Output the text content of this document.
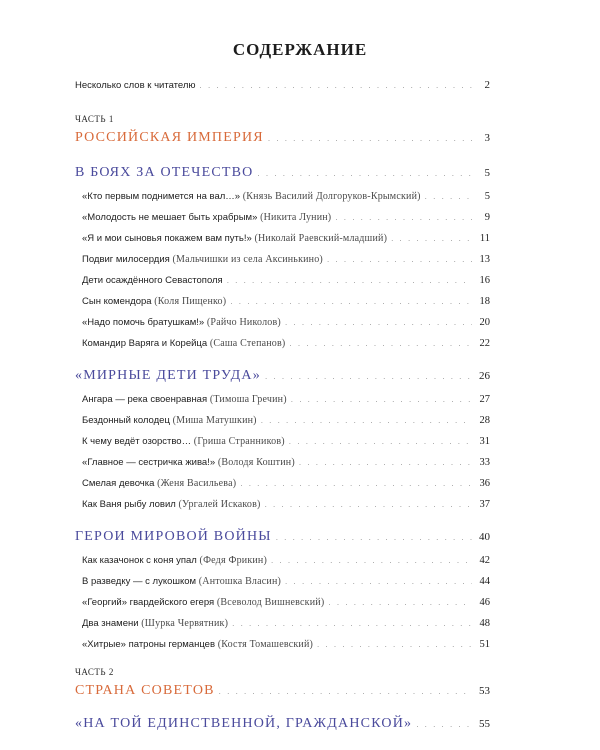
СОДЕРЖАНИЕ
Несколько слов к читателю . . .	2
ЧАСТЬ 1
РОССИЙСКАЯ ИМПЕРИЯ . . .	3
В БОЯХ ЗА ОТЕЧЕСТВО . . .	5
«Кто первым поднимется на вал…» (Князь Василий Долгоруков-Крымский) . . .	5
«Молодость не мешает быть храбрым» (Никита Лунин) . . .	9
«Я и мои сыновья покажем вам путь!» (Николай Раевский-младший) . . .	11
Подвиг милосердия (Мальчишки из села Аксинькино) . . .	13
Дети осаждённого Севастополя . . .	16
Сын комендора (Коля Пищенко) . . .	18
«Надо помочь братушкам!» (Райчо Николов) . . .	20
Командир Варяга и Корейца (Саша Степанов) . . .	22
«МИРНЫЕ ДЕТИ ТРУДА» . . .	26
Ангара — река своенравная (Тимоша Гречин) . . .	27
Бездонный колодец (Миша Матушкин) . . .	28
К чему ведёт озорство… (Гриша Странников) . . .	31
«Главное — сестричка жива!» (Володя Коштин) . . .	33
Смелая девочка (Женя Васильева) . . .	36
Как Ваня рыбу ловил (Ургалей Искаков) . . .	37
ГЕРОИ МИРОВОЙ ВОЙНЫ . . .	40
Как казачонок с коня упал (Федя Фрикин) . . .	42
В разведку — с лукошком (Антошка Власин) . . .	44
«Георгий» гвардейского егеря (Всеволод Вишневский) . . .	46
Два знамени (Шурка Червятник) . . .	48
«Хитрые» патроны германцев (Костя Томашевский) . . .	51
ЧАСТЬ 2
СТРАНА СОВЕТОВ . . .	53
«НА ТОЙ ЕДИНСТВЕННОЙ, ГРАЖДАНСКОЙ» . . .	55
